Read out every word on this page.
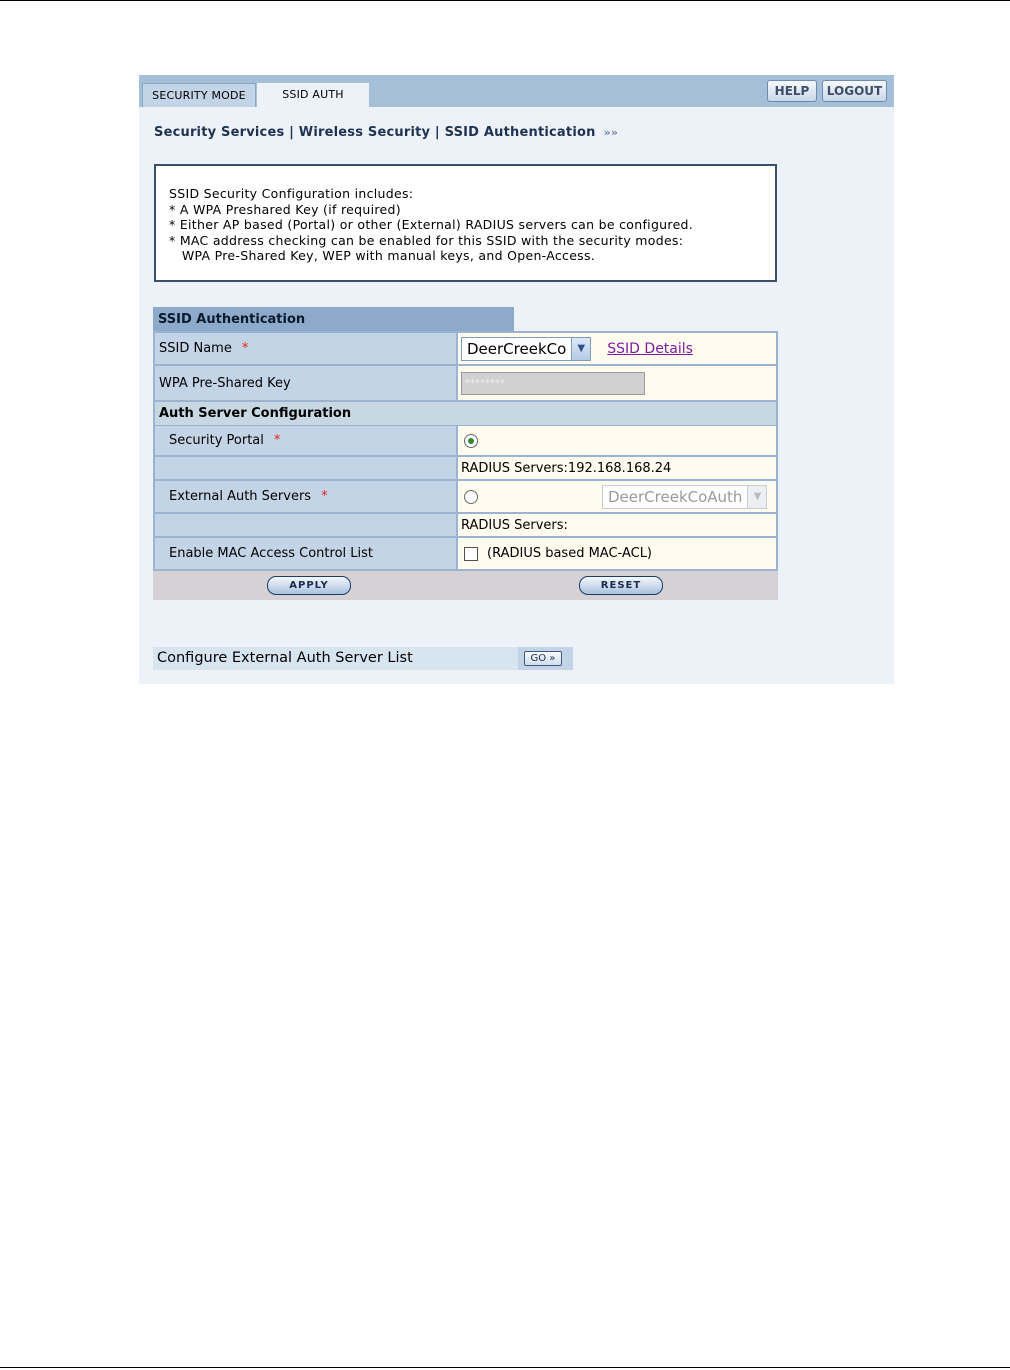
SECURITY MODE	SSID AUTH	HELP	LOGOUT
Security Services | Wireless Security | SSID Authentication »»
SSID Security Configuration includes:
* A WPA Preshared Key (if required)
* Either AP based (Portal) or other (External) RADIUS servers can be configured.
* MAC address checking can be enabled for this SSID with the security modes:
WPA Pre-Shared Key, WEP with manual keys, and Open-Access.
SSID Authentication
SSID Name *	DeerCreekCo	▼	SSID Details
WPA Pre-Shared Key	********
Auth Server Configuration
Security Portal *
RADIUS Servers:192.168.168.24
External Auth Servers *	DeerCreekCoAuth	▼
RADIUS Servers:
Enable MAC Access Control List	(RADIUS based MAC-ACL)
APPLY	RESET
Configure External Auth Server List	GO »
